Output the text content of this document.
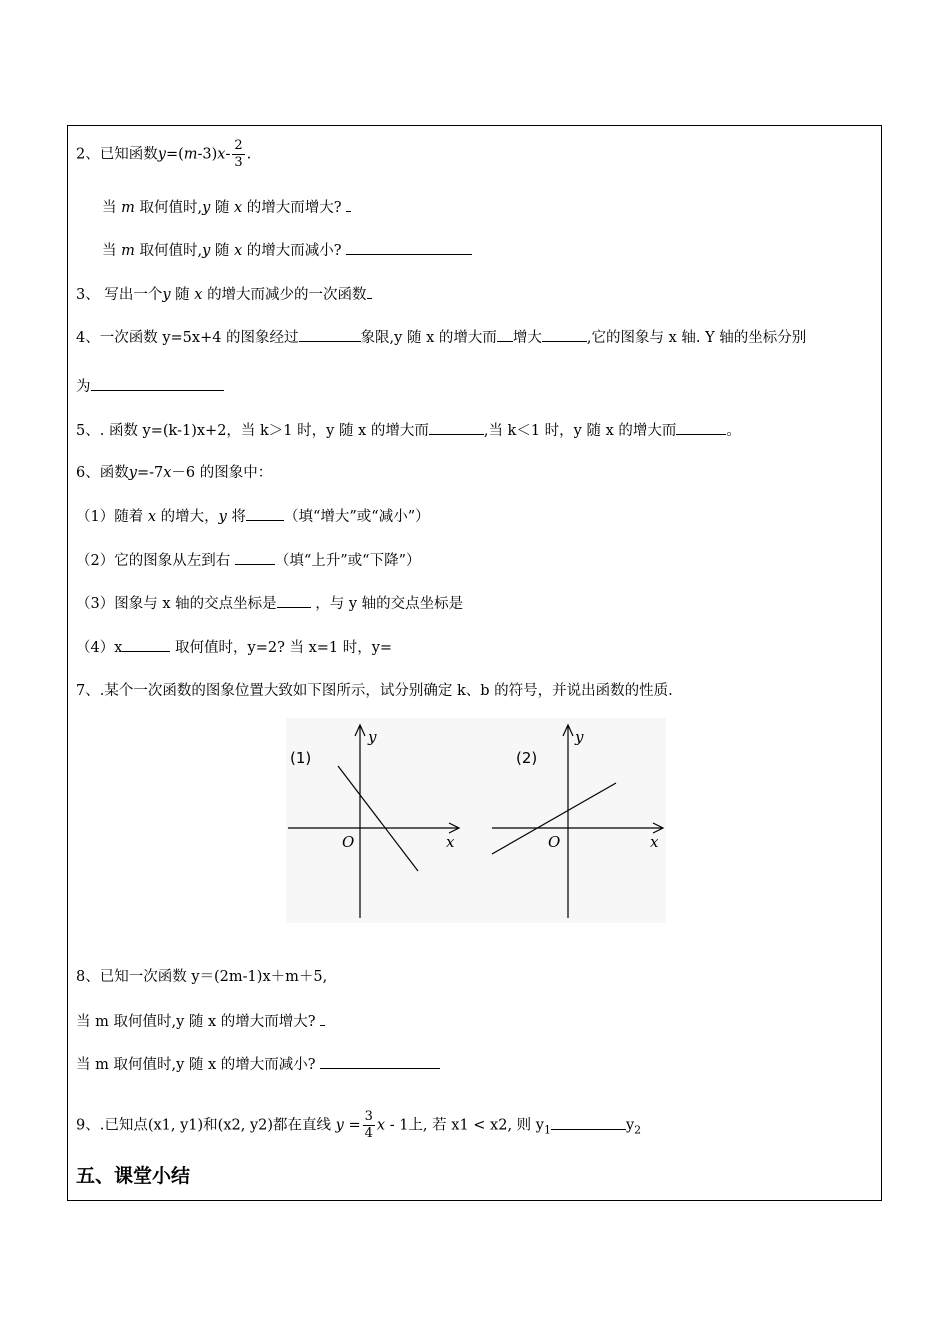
2、已知函数$y=(m-3)x- \frac{2}{3}$ .
当 m 取何值时,y 随 x 的增大而增大?
当 m 取何值时,y 随 x 的增大而减小?
3、 写出一个y 随 x 的增大而减少的一次函数
4、一次函数 y=5x+4 的图象经过	象限,y 随 x 的增大而 增大	,它的图象与 x 轴. Y 轴的坐标分别
为
5、. 函数 y=(k-1)x+2，当 k＞1 时，y 随 x 的增大而	,当 k＜1 时，y 随 x 的增大而	。
6、函数y=-7x－6 的图象中：
（1）随着 x 的增大，y 将	（填“增大”或“减小”）
（2）它的图象从左到右	（填“上升”或“下降”）
（3）图象与 x 轴的交点坐标是	，与 y 轴的交点坐标是
（4）x	取何值时，y=2? 当 x=1 时，y=
7、.某个一次函数的图象位置大致如下图所示，试分别确定 k、b 的符号，并说出函数的性质.
(1)
y
x
O
(2)
y
x
O
8、已知一次函数 y＝(2m-1)x＋m＋5,
当 m 取何值时,y 随 x 的增大而增大?
当 m 取何值时,y 随 x 的增大而减小?
9、.已知点(x1, y1)和(x2, y2)都在直线 $y = \frac{3}{4}$ x - 1上, 若 x1 < x2, 则 $y_1$	$y_2$
五、课堂小结
